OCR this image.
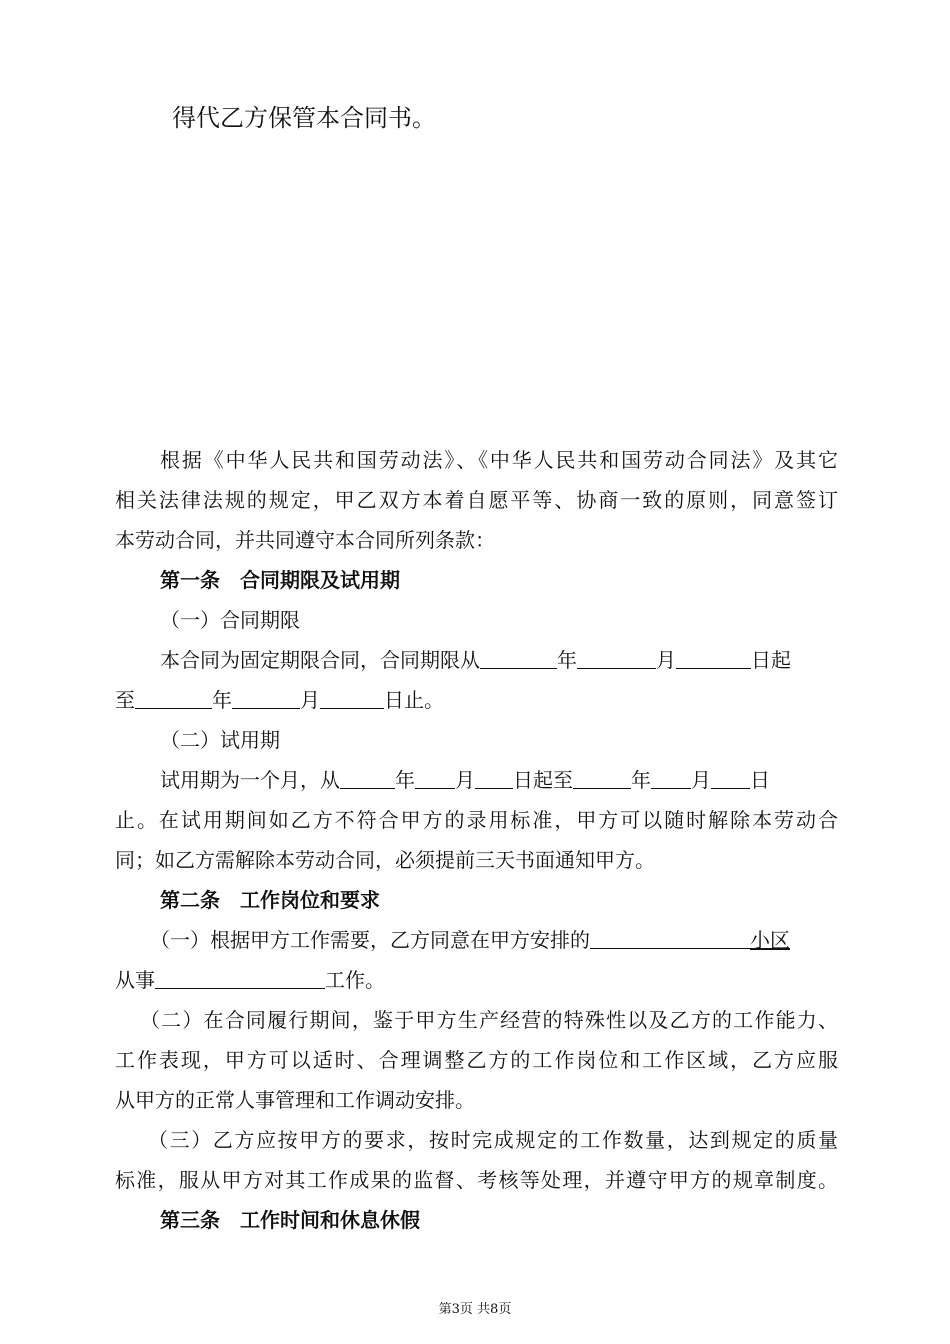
得代乙方保管本合同书。
根据《中华人民共和国劳动法》、《中华人民共和国劳动合同法》及其它
相关法律法规的规定，甲乙双方本着自愿平等、协商一致的原则，同意签订
本劳动合同，并共同遵守本合同所列条款：
第一条　合同期限及试用期
（一）合同期限
本合同为固定期限合同，合同期限从	年	月	日起
至	年	月	日止。
（二）试用期
试用期为一个月，从	年 月 日起至	年 月 日
止。在试用期间如乙方不符合甲方的录用标准，甲方可以随时解除本劳动合
同；如乙方需解除本劳动合同，必须提前三天书面通知甲方。
第二条　工作岗位和要求
（一）根据甲方工作需要，乙方同意在甲方安排的	小区
从事	工作。
（二）在合同履行期间，鉴于甲方生产经营的特殊性以及乙方的工作能力、
工作表现，甲方可以适时、合理调整乙方的工作岗位和工作区域，乙方应服
从甲方的正常人事管理和工作调动安排。
（三）乙方应按甲方的要求，按时完成规定的工作数量，达到规定的质量
标准，服从甲方对其工作成果的监督、考核等处理，并遵守甲方的规章制度。
第三条　工作时间和休息休假
第3页 共8页
